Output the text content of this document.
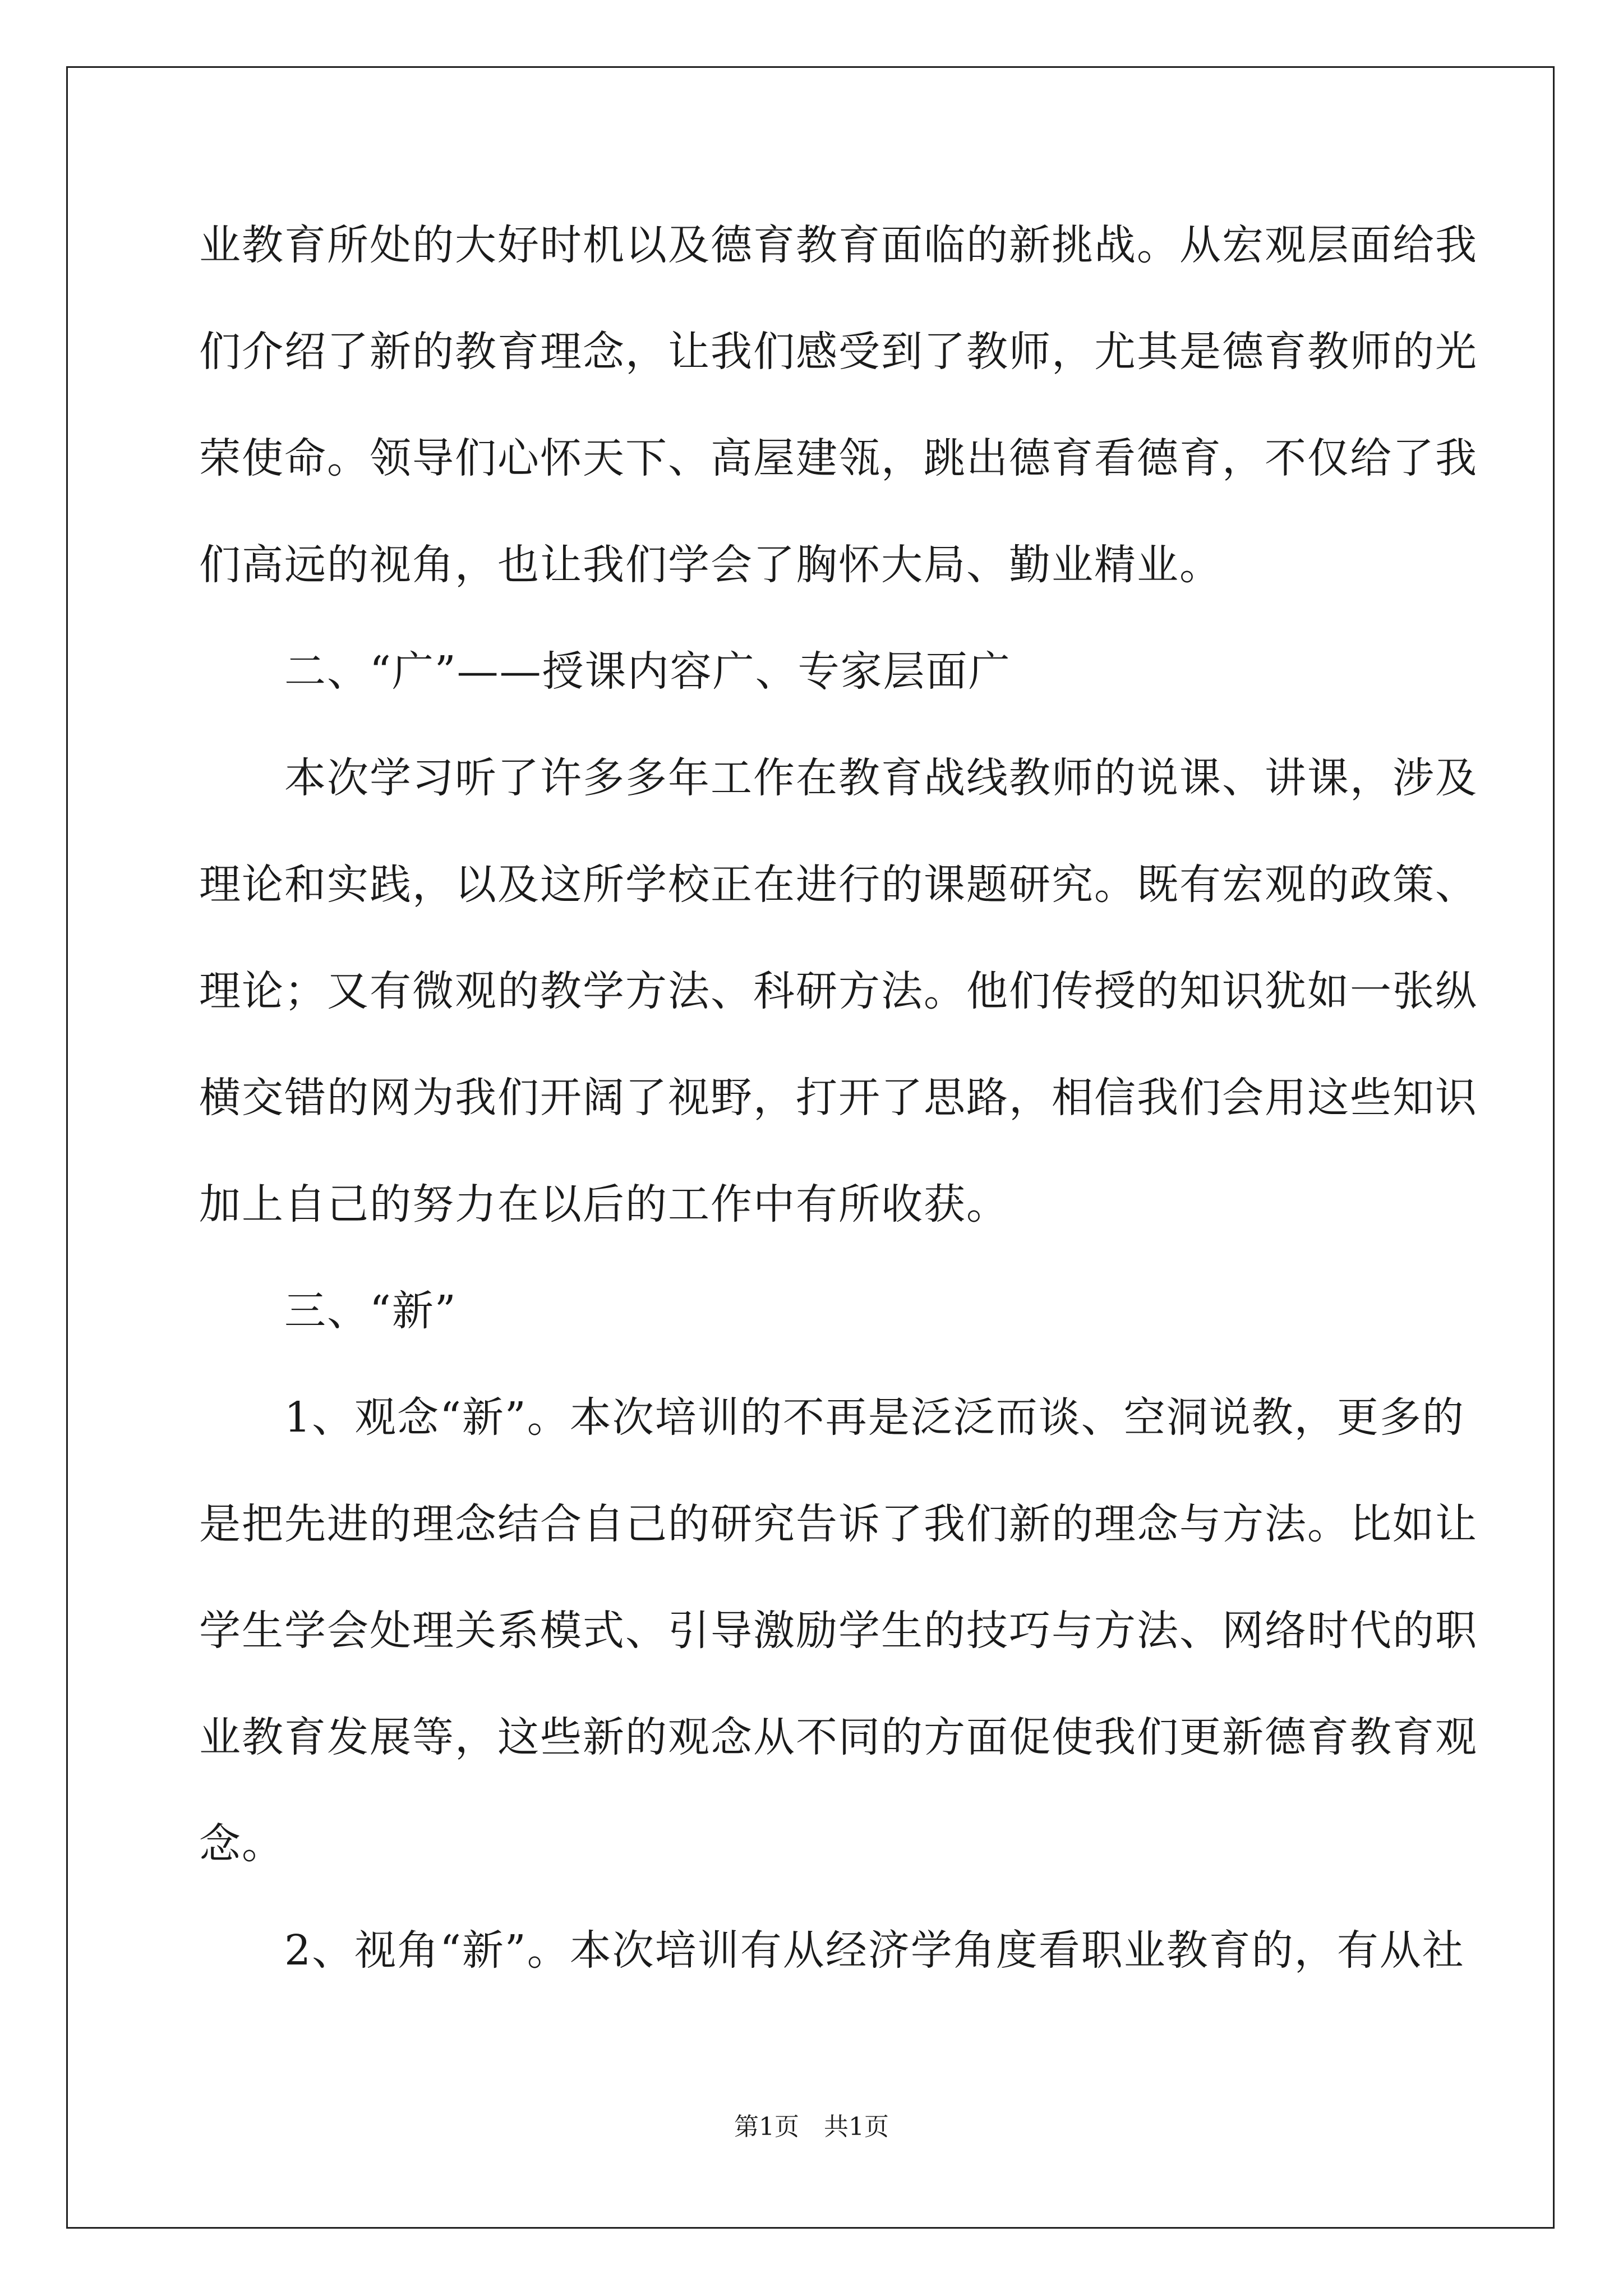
业教育所处的大好时机以及德育教育面临的新挑战。从宏观层面给我
们介绍了新的教育理念，让我们感受到了教师，尤其是德育教师的光
荣使命。领导们心怀天下、高屋建瓴，跳出德育看德育，不仅给了我
们高远的视角，也让我们学会了胸怀大局、勤业精业。
　　二、“广”——授课内容广、专家层面广
　　本次学习听了许多多年工作在教育战线教师的说课、讲课，涉及
理论和实践，以及这所学校正在进行的课题研究。既有宏观的政策、
理论；又有微观的教学方法、科研方法。他们传授的知识犹如一张纵
横交错的网为我们开阔了视野，打开了思路，相信我们会用这些知识
加上自己的努力在以后的工作中有所收获。
　　三、“新”
　　1、观念“新”。本次培训的不再是泛泛而谈、空洞说教，更多的
是把先进的理念结合自己的研究告诉了我们新的理念与方法。比如让
学生学会处理关系模式、引导激励学生的技巧与方法、网络时代的职
业教育发展等，这些新的观念从不同的方面促使我们更新德育教育观
念。
　　2、视角“新”。本次培训有从经济学角度看职业教育的，有从社
第1页　共1页
